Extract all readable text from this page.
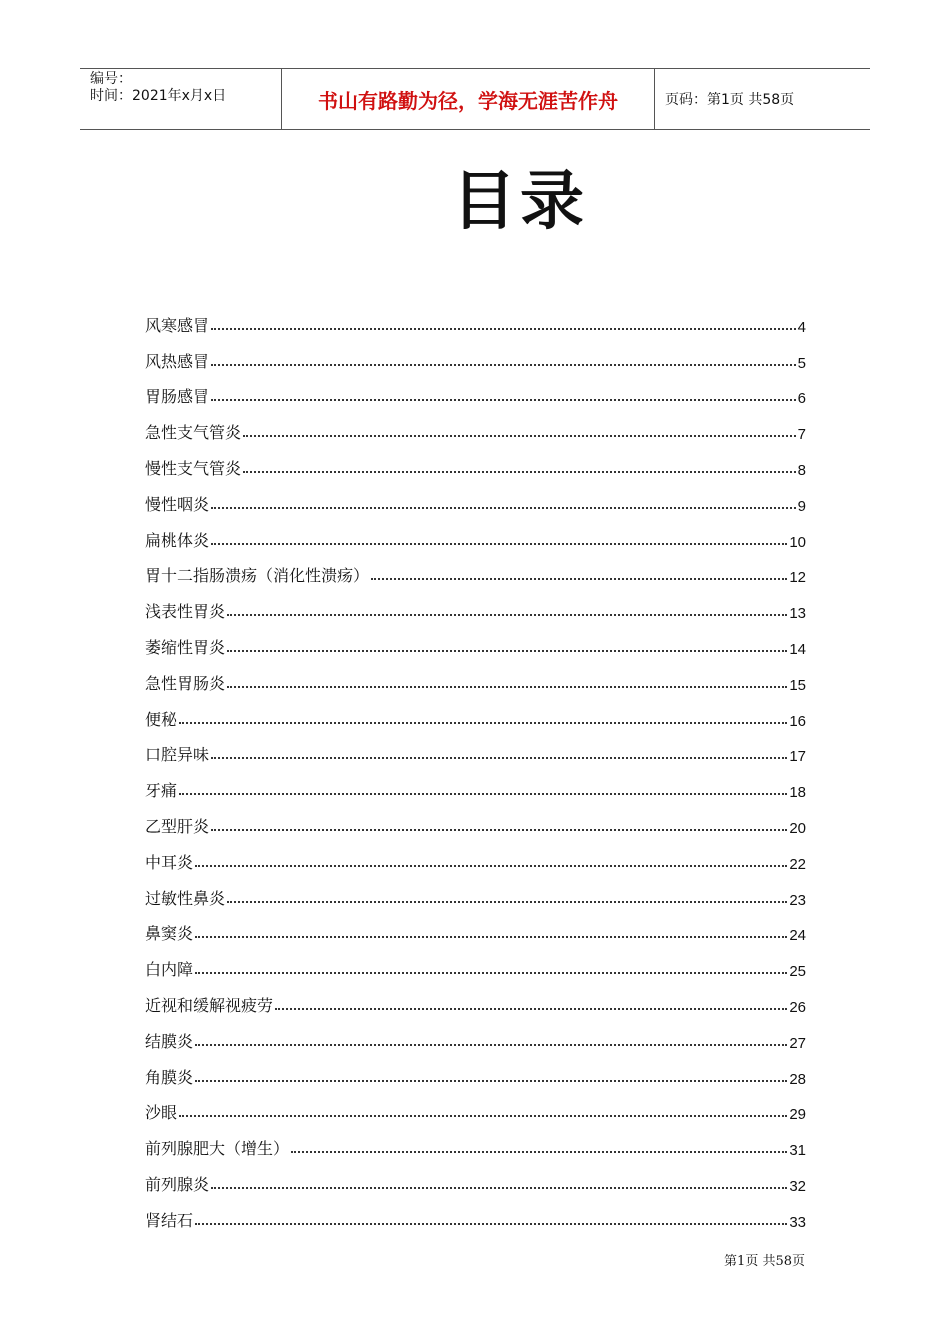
编号：
时间：2021年x月x日	书山有路勤为径，学海无涯苦作舟	页码：第1页 共58页
目录
风寒感冒	4
风热感冒	5
胃肠感冒	6
急性支气管炎	7
慢性支气管炎	8
慢性咽炎	9
扁桃体炎	10
胃十二指肠溃疡（消化性溃疡）	12
浅表性胃炎	13
萎缩性胃炎	14
急性胃肠炎	15
便秘	16
口腔异味	17
牙痛	18
乙型肝炎	20
中耳炎	22
过敏性鼻炎	23
鼻窦炎	24
白内障	25
近视和缓解视疲劳	26
结膜炎	27
角膜炎	28
沙眼	29
前列腺肥大（增生）	31
前列腺炎	32
肾结石	33
第1页 共58页
